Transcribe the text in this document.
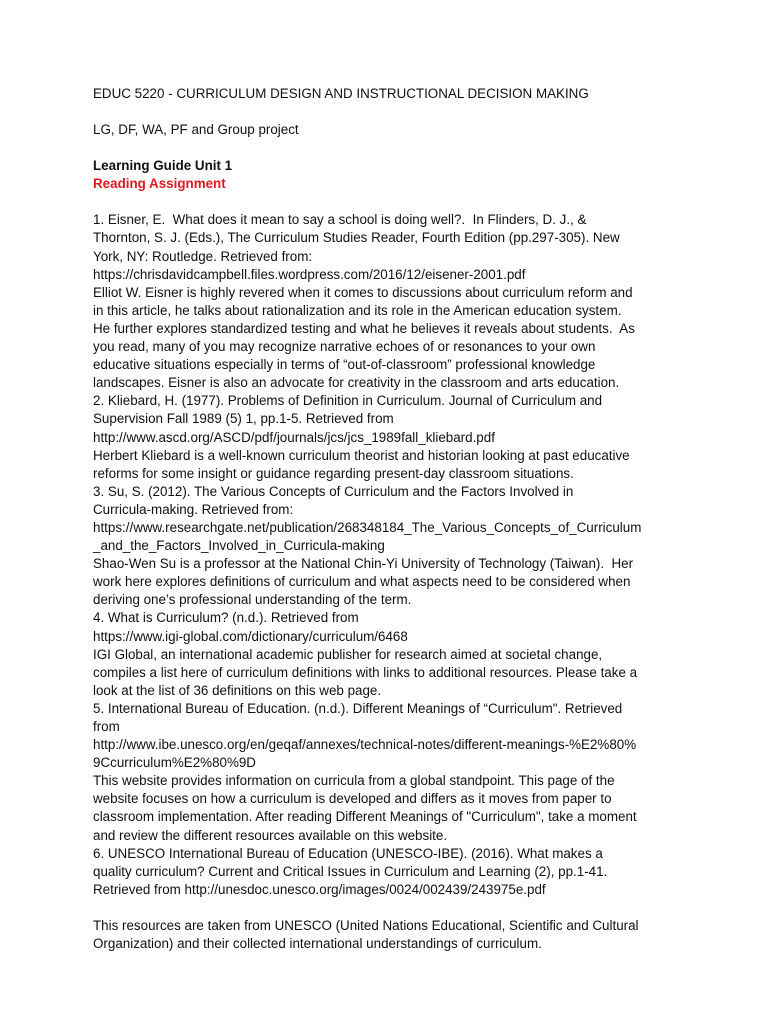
EDUC 5220 - CURRICULUM DESIGN AND INSTRUCTIONAL DECISION MAKING

LG, DF, WA, PF and Group project

Learning Guide Unit 1

Reading Assignment

1. Eisner, E.  What does it mean to say a school is doing well?.  In Flinders, D. J., &

Thornton, S. J. (Eds.), The Curriculum Studies Reader, Fourth Edition (pp.297-305). New

York, NY: Routledge. Retrieved from:

https://chrisdavidcampbell.files.wordpress.com/2016/12/eisener-2001.pdf

Elliot W. Eisner is highly revered when it comes to discussions about curriculum reform and

in this article, he talks about rationalization and its role in the American education system.

He further explores standardized testing and what he believes it reveals about students.  As

you read, many of you may recognize narrative echoes of or resonances to your own

educative situations especially in terms of “out-of-classroom” professional knowledge

landscapes. Eisner is also an advocate for creativity in the classroom and arts education.

2. Kliebard, H. (1977). Problems of Definition in Curriculum. Journal of Curriculum and

Supervision Fall 1989 (5) 1, pp.1-5. Retrieved from

http://www.ascd.org/ASCD/pdf/journals/jcs/jcs_1989fall_kliebard.pdf

Herbert Kliebard is a well-known curriculum theorist and historian looking at past educative

reforms for some insight or guidance regarding present-day classroom situations.

3. Su, S. (2012). The Various Concepts of Curriculum and the Factors Involved in

Curricula-making. Retrieved from:

https://www.researchgate.net/publication/268348184_The_Various_Concepts_of_Curriculum

_and_the_Factors_Involved_in_Curricula-making

Shao-Wen Su is a professor at the National Chin-Yi University of Technology (Taiwan).  Her

work here explores definitions of curriculum and what aspects need to be considered when

deriving one’s professional understanding of the term.

4. What is Curriculum? (n.d.). Retrieved from

https://www.igi-global.com/dictionary/curriculum/6468

IGI Global, an international academic publisher for research aimed at societal change,

compiles a list here of curriculum definitions with links to additional resources. Please take a

look at the list of 36 definitions on this web page.

5. International Bureau of Education. (n.d.). Different Meanings of “Curriculum". Retrieved

from

http://www.ibe.unesco.org/en/geqaf/annexes/technical-notes/different-meanings-%E2%80%

9Ccurriculum%E2%80%9D

This website provides information on curricula from a global standpoint. This page of the

website focuses on how a curriculum is developed and differs as it moves from paper to

classroom implementation. After reading Different Meanings of "Curriculum", take a moment

and review the different resources available on this website.

6. UNESCO International Bureau of Education (UNESCO-IBE). (2016). What makes a

quality curriculum? Current and Critical Issues in Curriculum and Learning (2), pp.1-41.

Retrieved from http://unesdoc.unesco.org/images/0024/002439/243975e.pdf

This resources are taken from UNESCO (United Nations Educational, Scientific and Cultural

Organization) and their collected international understandings of curriculum.
